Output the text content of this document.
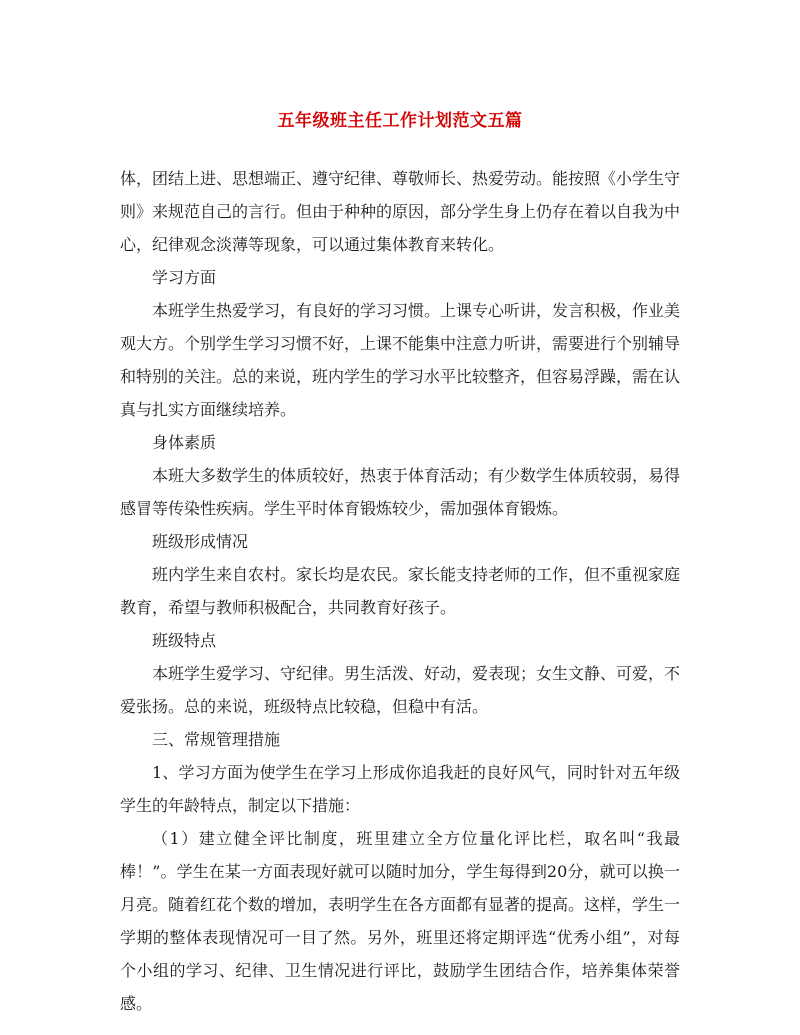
五年级班主任工作计划范文五篇

体，团结上进、思想端正、遵守纪律、尊敬师长、热爱劳动。能按照《小学生守则》来规范自己的言行。但由于种种的原因，部分学生身上仍存在着以自我为中心，纪律观念淡薄等现象，可以通过集体教育来转化。

学习方面

本班学生热爱学习，有良好的学习习惯。上课专心听讲，发言积极，作业美观大方。个别学生学习习惯不好，上课不能集中注意力听讲，需要进行个别辅导和特别的关注。总的来说，班内学生的学习水平比较整齐，但容易浮躁，需在认真与扎实方面继续培养。

身体素质

本班大多数学生的体质较好，热衷于体育活动；有少数学生体质较弱，易得感冒等传染性疾病。学生平时体育锻炼较少，需加强体育锻炼。

班级形成情况

班内学生来自农村。家长均是农民。家长能支持老师的工作，但不重视家庭教育，希望与教师积极配合，共同教育好孩子。

班级特点

本班学生爱学习、守纪律。男生活泼、好动，爱表现；女生文静、可爱，不爱张扬。总的来说，班级特点比较稳，但稳中有活。

三、常规管理措施

1、学习方面为使学生在学习上形成你追我赶的良好风气，同时针对五年级学生的年龄特点，制定以下措施：

（1）建立健全评比制度，班里建立全方位量化评比栏，取名叫“我最棒！”。学生在某一方面表现好就可以随时加分，学生每得到20分，就可以换一月亮。随着红花个数的增加，表明学生在各方面都有显著的提高。这样，学生一学期的整体表现情况可一目了然。另外，班里还将定期评选“优秀小组”，对每个小组的学习、纪律、卫生情况进行评比，鼓励学生团结合作，培养集体荣誉感。
